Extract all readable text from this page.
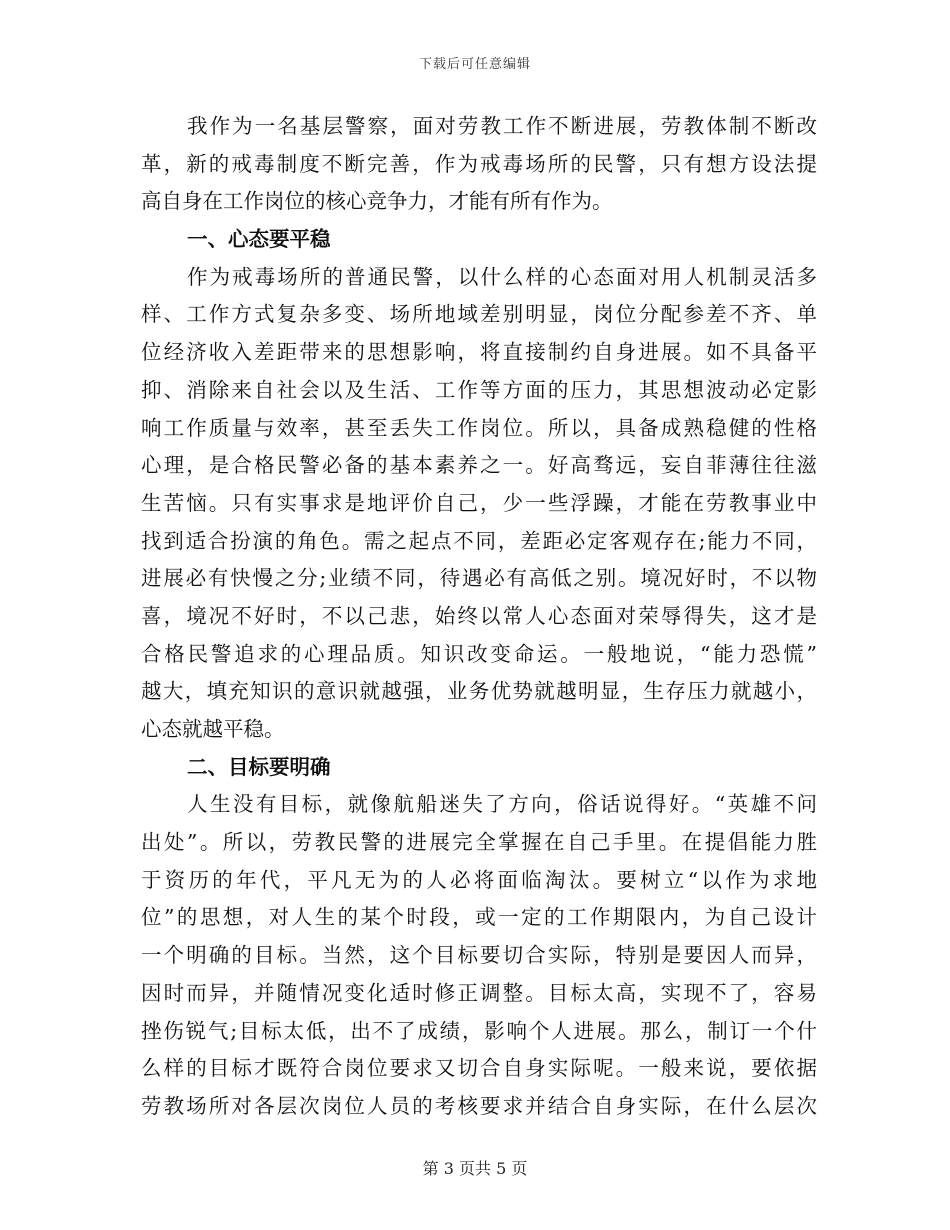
下载后可任意编辑
我作为一名基层警察，面对劳教工作不断进展，劳教体制不断改
革，新的戒毒制度不断完善，作为戒毒场所的民警，只有想方设法提
高自身在工作岗位的核心竞争力，才能有所有作为。
一、心态要平稳
作为戒毒场所的普通民警，以什么样的心态面对用人机制灵活多
样、工作方式复杂多变、场所地域差别明显，岗位分配参差不齐、单
位经济收入差距带来的思想影响，将直接制约自身进展。如不具备平
抑、消除来自社会以及生活、工作等方面的压力，其思想波动必定影
响工作质量与效率，甚至丢失工作岗位。所以，具备成熟稳健的性格
心理，是合格民警必备的基本素养之一。好高骛远，妄自菲薄往往滋
生苦恼。只有实事求是地评价自己，少一些浮躁，才能在劳教事业中
找到适合扮演的角色。需之起点不同，差距必定客观存在;能力不同，
进展必有快慢之分;业绩不同，待遇必有高低之别。境况好时，不以物
喜，境况不好时，不以己悲，始终以常人心态面对荣辱得失，这才是
合格民警追求的心理品质。知识改变命运。一般地说，“能力恐慌”
越大，填充知识的意识就越强，业务优势就越明显，生存压力就越小，
心态就越平稳。
二、目标要明确
人生没有目标，就像航船迷失了方向，俗话说得好。“英雄不问
出处”。所以，劳教民警的进展完全掌握在自己手里。在提倡能力胜
于资历的年代，平凡无为的人必将面临淘汰。要树立“以作为求地
位”的思想，对人生的某个时段，或一定的工作期限内，为自己设计
一个明确的目标。当然，这个目标要切合实际，特别是要因人而异，
因时而异，并随情况变化适时修正调整。目标太高，实现不了，容易
挫伤锐气;目标太低，出不了成绩，影响个人进展。那么，制订一个什
么样的目标才既符合岗位要求又切合自身实际呢。一般来说，要依据
劳教场所对各层次岗位人员的考核要求并结合自身实际，在什么层次
第 3 页共 5 页
